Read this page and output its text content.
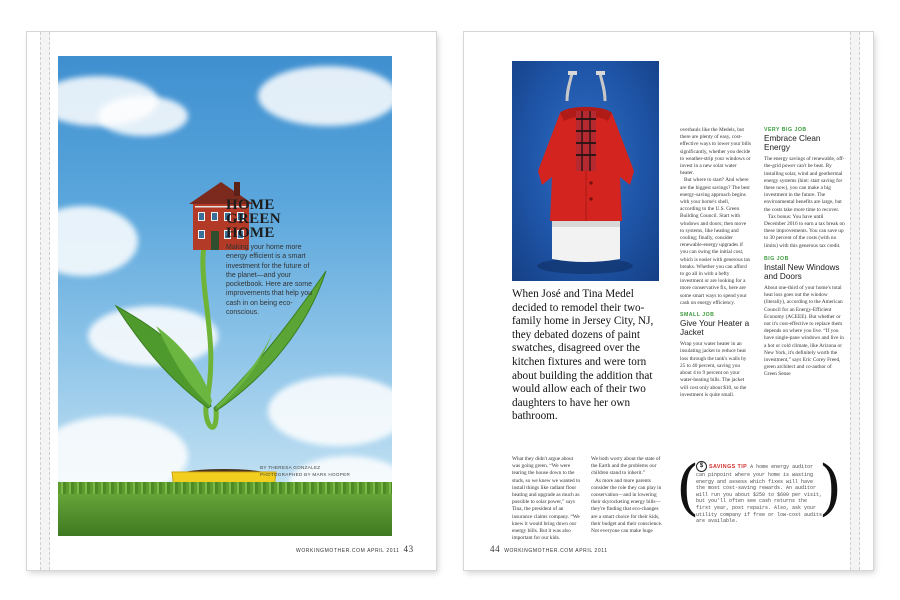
HOME
GREEN
HOME
Making your home more energy efficient is a smart investment for the future of the planet—and your pocketbook. Here are some improvements that help you cash in on being eco-conscious.
BY THERESA GONZALEZ
PHOTOGRAPHED BY MARK HOOPER
WORKINGMOTHER.COM APRIL 2011 43
When José and Tina Medel decided to remodel their two-family home in Jersey City, NJ, they debated dozens of paint swatches, disagreed over the kitchen fixtures and were torn about building the addition that would allow each of their two daughters to have her own bathroom.

What they didn't argue about was going green. “We were tearing the house down to the studs, so we knew we wanted to install things like radiant floor heating and upgrade as much as possible to solar power,” says Tina, the president of an insurance claims company. “We knew it would bring down our energy bills. But it was also important for our kids.

We both worry about the state of the Earth and the problems our children stand to inherit.”

As more and more parents consider the role they can play in conservation—and in lowering their skyrocketing energy bills—they're finding that eco-changes are a smart choice for their kids, their budget and their conscience. Not everyone can make huge

overhauls like the Medels, but there are plenty of easy, cost-effective ways to lower your bills significantly, whether you decide to weather-strip your windows or invest in a new solar water heater.

But where to start? And where are the biggest savings? The best energy-saving approach begins with your home's shell, according to the U.S. Green Building Council. Start with windows and doors; then move to systems, like heating and cooling; finally, consider renewable-energy upgrades if you can swing the initial cost, which is easier with generous tax breaks. Whether you can afford to go all in with a hefty investment or are looking for a more conservative fix, here are some smart ways to spend your cash on energy efficiency.

SMALL JOB
Give Your Heater a Jacket

Wrap your water heater in an insulating jacket to reduce heat loss through the tank's walls by 25 to 40 percent, saving you about 4 to 9 percent on your water-heating bills. The jacket will cost only about $10, so the investment is quite small.

VERY BIG JOB
Embrace Clean Energy

The energy savings of renewable, off-the-grid power can't be beat. By installing solar, wind and geothermal energy systems (hint: start saving for these now), you can make a big investment in the future. The environmental benefits are large, but the costs take more time to recover.

Tax bonus: You have until December 2016 to earn a tax break on these improvements. You can save up to 30 percent of the costs (with no limits) with this generous tax credit.

BIG JOB
Install New Windows and Doors

About one-third of your home's total heat loss goes out the window (literally), according to the American Council for an Energy-Efficient Economy (ACEEE). But whether or not it's cost-effective to replace them depends on where you live. “If you have single-pane windows and live in a hot or cold climate, like Arizona or New York, it's definitely worth the investment,” says Eric Corey Freed, green architect and co-author of Green Sense

( )
$ SAVINGS TIP A home energy auditor can pinpoint where your home is wasting energy and assess which fixes will have the most cost-saving rewards. An auditor will run you about $250 to $600 per visit, but you'll often see cash returns the first year, post repairs. Also, ask your utility company if free or low-cost audits are available.
44 WORKINGMOTHER.COM APRIL 2011
